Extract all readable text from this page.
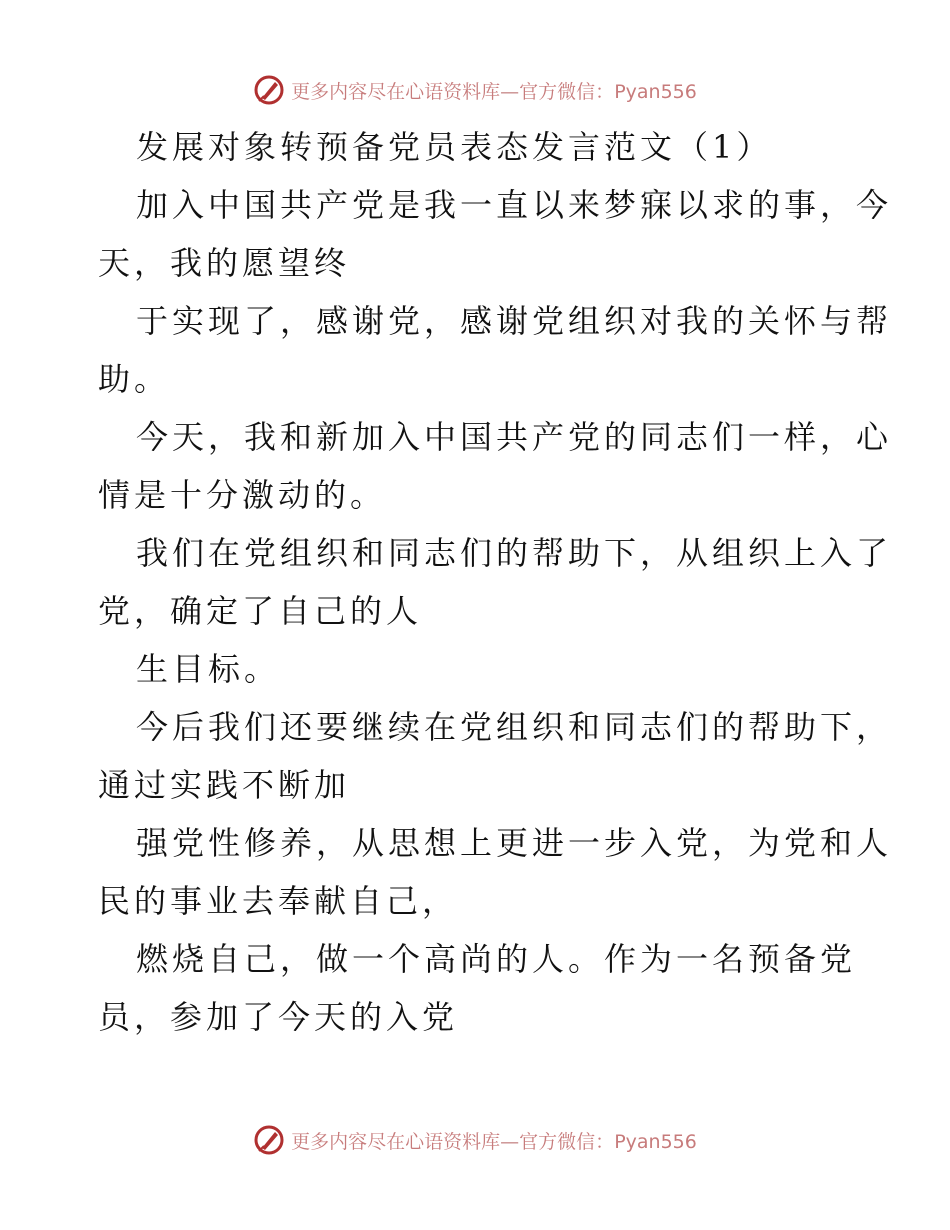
更多内容尽在心语资料库—官方微信：Pyan556
发展对象转预备党员表态发言范文（1）
加入中国共产党是我一直以来梦寐以求的事，今
天，我的愿望终
于实现了，感谢党，感谢党组织对我的关怀与帮
助。
今天，我和新加入中国共产党的同志们一样，心
情是十分激动的。
我们在党组织和同志们的帮助下，从组织上入了
党，确定了自己的人
生目标。
今后我们还要继续在党组织和同志们的帮助下，
通过实践不断加
强党性修养，从思想上更进一步入党，为党和人
民的事业去奉献自己，
燃烧自己，做一个高尚的人。作为一名预备党
员，参加了今天的入党
更多内容尽在心语资料库—官方微信：Pyan556
